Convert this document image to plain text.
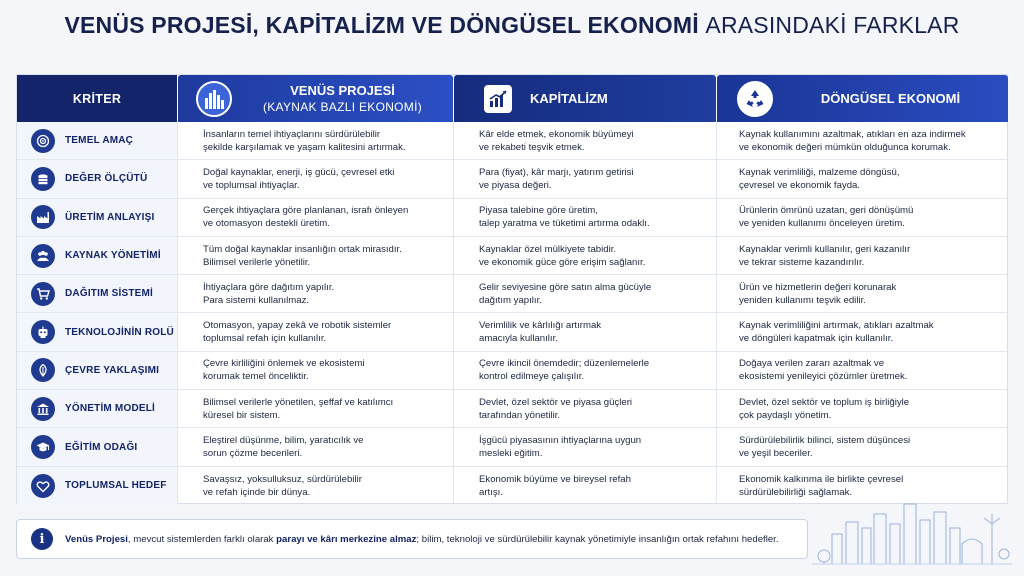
VENÜS PROJESİ, KAPİTALİZM VE DÖNGÜSEL EKONOMİ ARASINDAKİ FARKLAR
KRİTER
VENÜS PROJESİ
(KAYNAK BAZLI EKONOMİ)
KAPİTALİZM	DÖNGÜSEL EKONOMİ
TEMEL AMAÇ
İnsanların temel ihtiyaçlarını sürdürülebilir
şekilde karşılamak ve yaşam kalitesini artırmak.
Kâr elde etmek, ekonomik büyümeyi
ve rekabeti teşvik etmek.
Kaynak kullanımını azaltmak, atıkları en aza indirmek
ve ekonomik değeri mümkün olduğunca korumak.
DEĞER ÖLÇÜTÜ
Doğal kaynaklar, enerji, iş gücü, çevresel etki
ve toplumsal ihtiyaçlar.
Para (fiyat), kâr marjı, yatırım getirisi
ve piyasa değeri.
Kaynak verimliliği, malzeme döngüsü,
çevresel ve ekonomik fayda.
ÜRETİM ANLAYIŞI
Gerçek ihtiyaçlara göre planlanan, israfı önleyen
ve otomasyon destekli üretim.
Piyasa talebine göre üretim,
talep yaratma ve tüketimi artırma odaklı.
Ürünlerin ömrünü uzatan, geri dönüşümü
ve yeniden kullanımı önceleyen üretim.
KAYNAK YÖNETİMİ
Tüm doğal kaynaklar insanlığın ortak mirasıdır.
Bilimsel verilerle yönetilir.
Kaynaklar özel mülkiyete tabidir.
ve ekonomik güce göre erişim sağlanır.
Kaynaklar verimli kullanılır, geri kazanılır
ve tekrar sisteme kazandırılır.
DAĞITIM SİSTEMİ
İhtiyaçlara göre dağıtım yapılır.
Para sistemi kullanılmaz.
Gelir seviyesine göre satın alma gücüyle
dağıtım yapılır.
Ürün ve hizmetlerin değeri korunarak
yeniden kullanımı teşvik edilir.
TEKNOLOJİNİN ROLÜ
Otomasyon, yapay zekâ ve robotik sistemler
toplumsal refah için kullanılır.
Verimlilik ve kârlılığı artırmak
amacıyla kullanılır.
Kaynak verimliliğini artırmak, atıkları azaltmak
ve döngüleri kapatmak için kullanılır.
ÇEVRE YAKLAŞIMI
Çevre kirliliğini önlemek ve ekosistemi
korumak temel önceliktir.
Çevre ikincil önemdedir; düzenlemelerle
kontrol edilmeye çalışılır.
Doğaya verilen zararı azaltmak ve
ekosistemi yenileyici çözümler üretmek.
YÖNETİM MODELİ
Bilimsel verilerle yönetilen, şeffaf ve katılımcı
küresel bir sistem.
Devlet, özel sektör ve piyasa güçleri
tarafından yönetilir.
Devlet, özel sektör ve toplum iş birliğiyle
çok paydaşlı yönetim.
EĞİTİM ODAĞI
Eleştirel düşünme, bilim, yaratıcılık ve
sorun çözme becerileri.
İşgücü piyasasının ihtiyaçlarına uygun
mesleki eğitim.
Sürdürülebilirlik bilinci, sistem düşüncesi
ve yeşil beceriler.
TOPLUMSAL HEDEF
Savaşsız, yoksulluksuz, sürdürülebilir
ve refah içinde bir dünya.
Ekonomik büyüme ve bireysel refah
artışı.
Ekonomik kalkınma ile birlikte çevresel
sürdürülebilirliği sağlamak.
i	Venüs Projesi, mevcut sistemlerden farklı olarak parayı ve kârı merkezine almaz; bilim, teknoloji ve sürdürülebilir kaynak yönetimiyle insanlığın ortak refahını hedefler.
